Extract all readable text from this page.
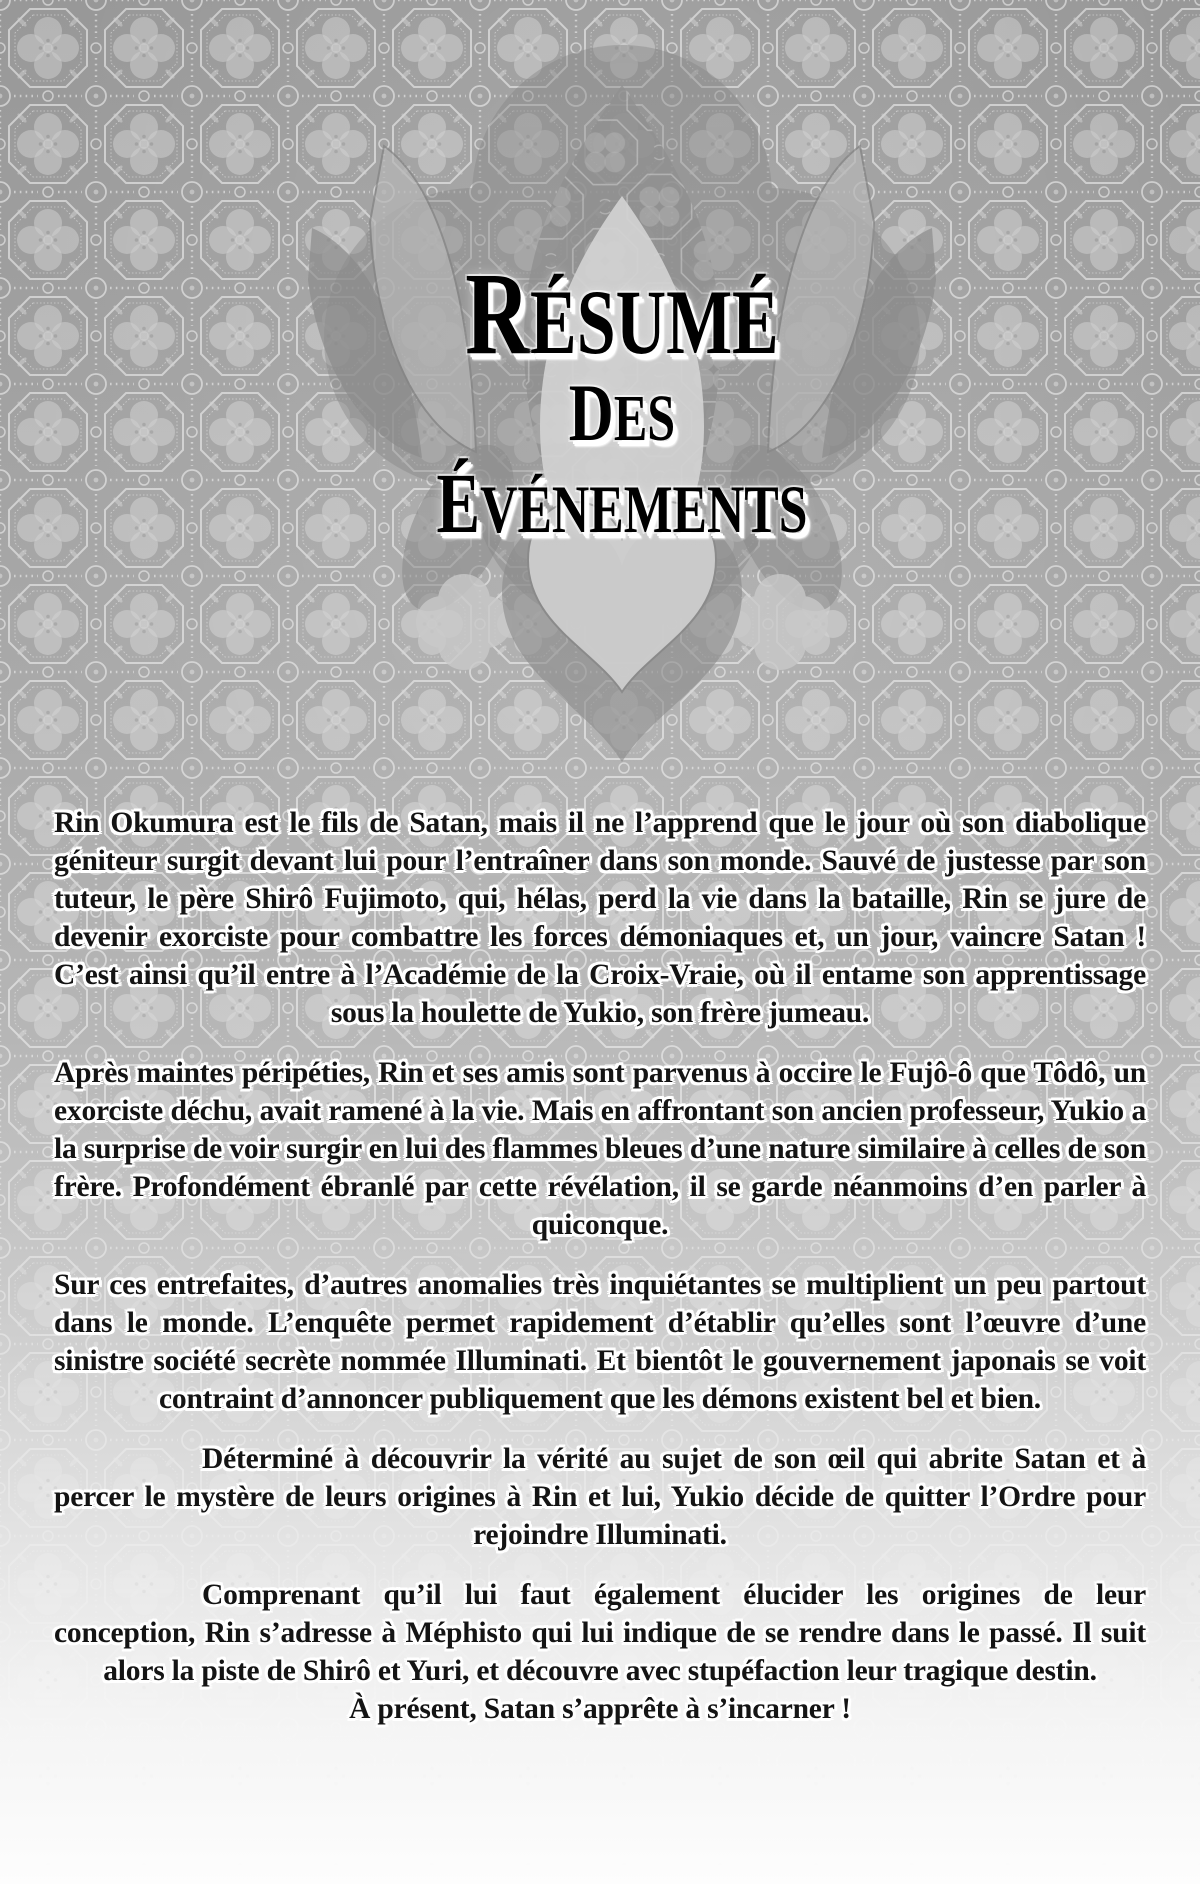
RÉSUMÉ
DES
ÉVÉNEMENTS

Rin Okumura est le fils de Satan, mais il ne l’apprend que le jour où son diabolique géniteur surgit devant lui pour l’entraîner dans son monde. Sauvé de justesse par son tuteur, le père Shirô Fujimoto, qui, hélas, perd la vie dans la bataille, Rin se jure de devenir exorciste pour combattre les forces démoniaques et, un jour, vaincre Satan ! C’est ainsi qu’il entre à l’Académie de la Croix-Vraie, où il entame son apprentissage sous la houlette de Yukio, son frère jumeau.

Après maintes péripéties, Rin et ses amis sont parvenus à occire le Fujô-ô que Tôdô, un exorciste déchu, avait ramené à la vie. Mais en affrontant son ancien professeur, Yukio a la surprise de voir surgir en lui des flammes bleues d’une nature similaire à celles de son frère. Profondément ébranlé par cette révélation, il se garde néanmoins d’en parler à quiconque.

Sur ces entrefaites, d’autres anomalies très inquiétantes se multiplient un peu partout dans le monde. L’enquête permet rapidement d’établir qu’elles sont l’œuvre d’une sinistre société secrète nommée Illuminati. Et bientôt le gouvernement japonais se voit contraint d’annoncer publiquement que les démons existent bel et bien.

Déterminé à découvrir la vérité au sujet de son œil qui abrite Satan et à percer le mystère de leurs origines à Rin et lui, Yukio décide de quitter l’Ordre pour rejoindre Illuminati.

Comprenant qu’il lui faut également élucider les origines de leur conception, Rin s’adresse à Méphisto qui lui indique de se rendre dans le passé. Il suit alors la piste de Shirô et Yuri, et découvre avec stupéfaction leur tragique destin.

À présent, Satan s’apprête à s’incarner !
